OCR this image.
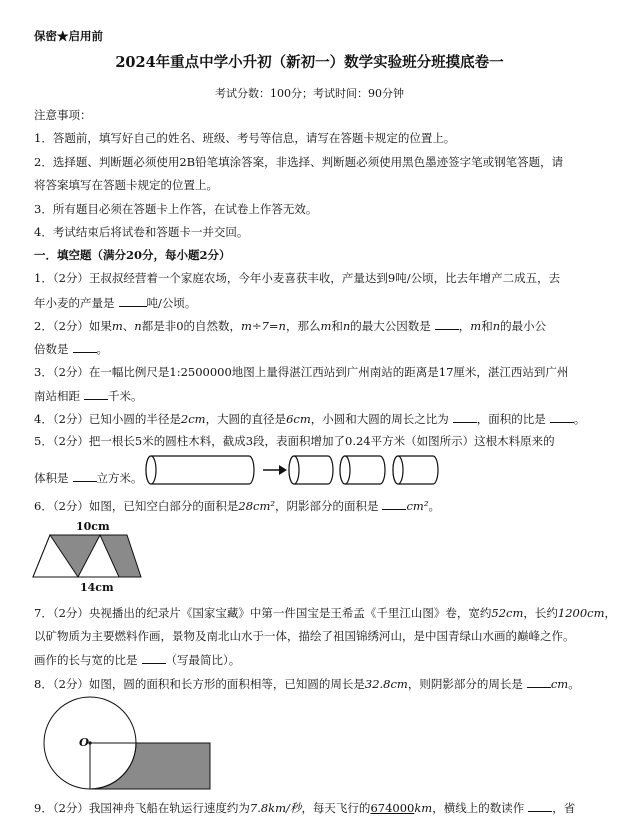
保密★启用前
2024年重点中学小升初（新初一）数学实验班分班摸底卷一
考试分数：100分；考试时间：90分钟
注意事项：
1．答题前，填写好自己的姓名、班级、考号等信息，请写在答题卡规定的位置上。
2．选择题、判断题必须使用2B铅笔填涂答案，非选择、判断题必须使用黑色墨迹签字笔或钢笔答题，请
将答案填写在答题卡规定的位置上。
3．所有题目必须在答题卡上作答，在试卷上作答无效。
4．考试结束后将试卷和答题卡一并交回。
一．填空题（满分20分，每小题2分）
1．（2分）王叔叔经营着一个家庭农场，今年小麦喜获丰收，产量达到9吨/公顷，比去年增产二成五，去
年小麦的产量是	吨/公顷。
2．（2分）如果m、n都是非0的自然数，m÷7=n，那么m和n的最大公因数是 ，m和n的最小公
倍数是 。
3．（2分）在一幅比例尺是1:2500000地图上量得湛江西站到广州南站的距离是17厘米，湛江西站到广州
南站相距 千米。
4．（2分）已知小圆的半径是2cm，大圆的直径是6cm，小圆和大圆的周长之比为 ，面积的比是 。
5．（2分）把一根长5米的圆柱木料，截成3段，表面积增加了0.24平方米（如图所示）这根木料原来的
体积是 立方米。
6．（2分）如图，已知空白部分的面积是28cm²，阴影部分的面积是 cm²。
10cm
14cm
7．（2分）央视播出的纪录片《国家宝藏》中第一件国宝是王希孟《千里江山图》卷，宽约52cm，长约1200cm，
以矿物质为主要燃料作画，景物及南北山水于一体，描绘了祖国锦绣河山，是中国青绿山水画的巅峰之作。
画作的长与宽的比是 （写最简比）。
8．（2分）如图，圆的面积和长方形的面积相等，已知圆的周长是32.8cm，则阴影部分的周长是 cm。
O
9．（2分）我国神舟飞船在轨运行速度约为7.8km/秒，每天飞行的674000km，横线上的数读作 ，省
